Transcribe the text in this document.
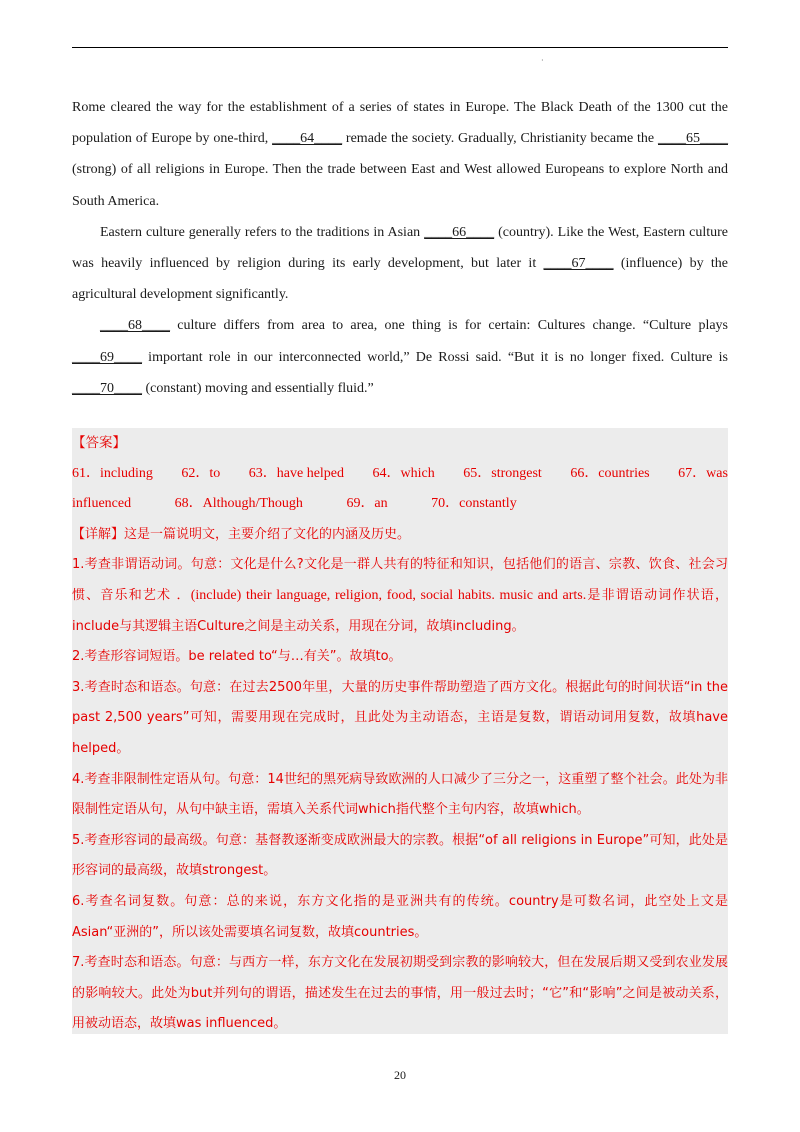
·

Rome cleared the way for the establishment of a series of states in Europe. The Black Death of the 1300 cut the population of Europe by one-third, ____64____ remade the society. Gradually, Christianity became the ____65____ (strong) of all religions in Europe. Then the trade between East and West allowed Europeans to explore North and South America.

Eastern culture generally refers to the traditions in Asian ____66____ (country). Like the West, Eastern culture was heavily influenced by religion during its early development, but later it ____67____ (influence) by the agricultural development significantly.

____68____ culture differs from area to area, one thing is for certain: Cultures change. “Culture plays ____69____ important role in our interconnected world,” De Rossi said. “But it is no longer fixed. Culture is ____70____ (constant) moving and essentially fluid.”

【答案】

61．including 62．to 63．have helped 64．which 65．strongest 66．countries 67．was

influenced	68．Although/Though	69．an	70．constantly

【详解】这是一篇说明文，主要介绍了文化的内涵及历史。

1.考查非谓语动词。句意：文化是什么?文化是一群人共有的特征和知识，包括他们的语言、宗教、饮食、社会习惯、音乐和艺术 ．(include) their language, religion, food, social habits. music and arts.是非谓语动词作状语，include与其逻辑主语Culture之间是主动关系，用现在分词，故填including。

2.考查形容词短语。be related to“与…有关”。故填to。

3.考查时态和语态。句意：在过去2500年里，大量的历史事件帮助塑造了西方文化。根据此句的时间状语“in the past 2,500 years”可知，需要用现在完成时，且此处为主动语态，主语是复数，谓语动词用复数，故填have helped。

4.考查非限制性定语从句。句意：14世纪的黑死病导致欧洲的人口减少了三分之一，这重塑了整个社会。此处为非限制性定语从句，从句中缺主语，需填入关系代词which指代整个主句内容，故填which。

5.考查形容词的最高级。句意：基督教逐渐变成欧洲最大的宗教。根据“of all religions in Europe”可知，此处是形容词的最高级，故填strongest。

6.考查名词复数。句意：总的来说，东方文化指的是亚洲共有的传统。country是可数名词，此空处上文是Asian“亚洲的”，所以该处需要填名词复数，故填countries。

7.考查时态和语态。句意：与西方一样，东方文化在发展初期受到宗教的影响较大，但在发展后期又受到农业发展的影响较大。此处为but并列句的谓语，描述发生在过去的事情，用一般过去时；“它”和“影响”之间是被动关系，用被动语态，故填was influenced。

20
